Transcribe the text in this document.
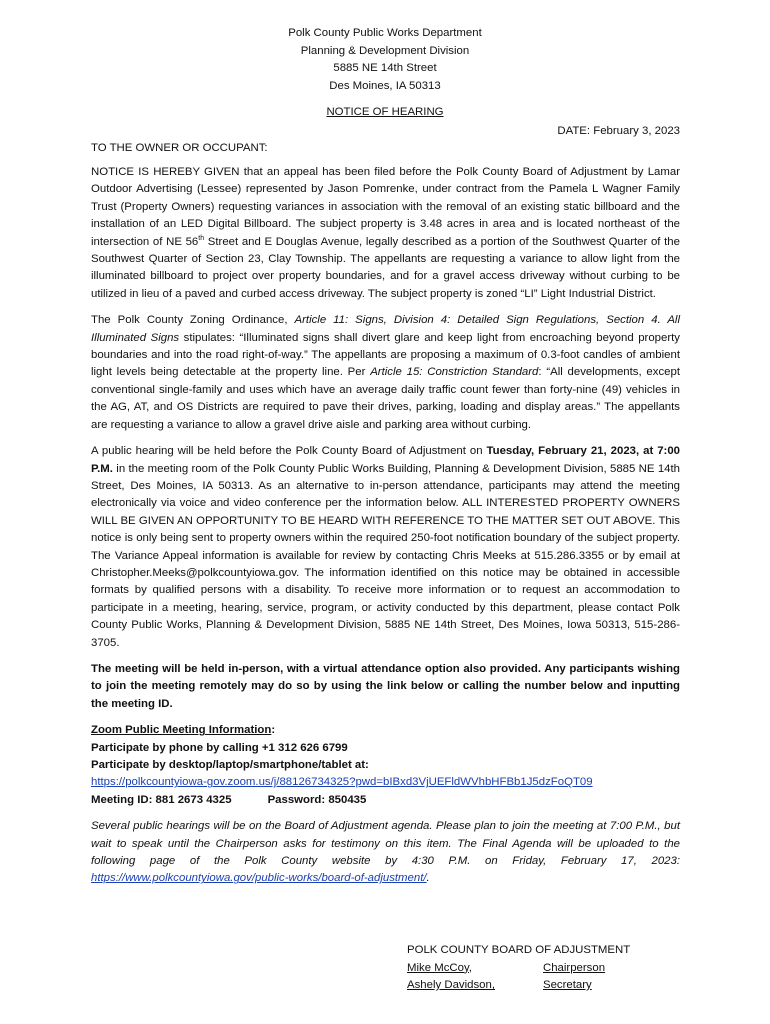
Polk County Public Works Department
Planning & Development Division
5885 NE 14th Street
Des Moines, IA 50313
NOTICE OF HEARING
DATE: February 3, 2023
TO THE OWNER OR OCCUPANT:

NOTICE IS HEREBY GIVEN that an appeal has been filed before the Polk County Board of Adjustment by Lamar Outdoor Advertising (Lessee) represented by Jason Pomrenke, under contract from the Pamela L Wagner Family Trust (Property Owners) requesting variances in association with the removal of an existing static billboard and the installation of an LED Digital Billboard. The subject property is 3.48 acres in area and is located northeast of the intersection of NE 56th Street and E Douglas Avenue, legally described as a portion of the Southwest Quarter of the Southwest Quarter of Section 23, Clay Township. The appellants are requesting a variance to allow light from the illuminated billboard to project over property boundaries, and for a gravel access driveway without curbing to be utilized in lieu of a paved and curbed access driveway. The subject property is zoned “LI” Light Industrial District.

The Polk County Zoning Ordinance, Article 11: Signs, Division 4: Detailed Sign Regulations, Section 4. All Illuminated Signs stipulates: “Illuminated signs shall divert glare and keep light from encroaching beyond property boundaries and into the road right-of-way.” The appellants are proposing a maximum of 0.3-foot candles of ambient light levels being detectable at the property line. Per Article 15: Constriction Standard: “All developments, except conventional single-family and uses which have an average daily traffic count fewer than forty-nine (49) vehicles in the AG, AT, and OS Districts are required to pave their drives, parking, loading and display areas.” The appellants are requesting a variance to allow a gravel drive aisle and parking area without curbing.

A public hearing will be held before the Polk County Board of Adjustment on Tuesday, February 21, 2023, at 7:00 P.M. in the meeting room of the Polk County Public Works Building, Planning & Development Division, 5885 NE 14th Street, Des Moines, IA 50313. As an alternative to in-person attendance, participants may attend the meeting electronically via voice and video conference per the information below. ALL INTERESTED PROPERTY OWNERS WILL BE GIVEN AN OPPORTUNITY TO BE HEARD WITH REFERENCE TO THE MATTER SET OUT ABOVE. This notice is only being sent to property owners within the required 250-foot notification boundary of the subject property. The Variance Appeal information is available for review by contacting Chris Meeks at 515.286.3355 or by email at Christopher.Meeks@polkcountyiowa.gov. The information identified on this notice may be obtained in accessible formats by qualified persons with a disability. To receive more information or to request an accommodation to participate in a meeting, hearing, service, program, or activity conducted by this department, please contact Polk County Public Works, Planning & Development Division, 5885 NE 14th Street, Des Moines, Iowa 50313, 515-286-3705.

The meeting will be held in-person, with a virtual attendance option also provided. Any participants wishing to join the meeting remotely may do so by using the link below or calling the number below and inputting the meeting ID.

Zoom Public Meeting Information:
Participate by phone by calling +1 312 626 6799
Participate by desktop/laptop/smartphone/tablet at:
https://polkcountyiowa-gov.zoom.us/j/88126734325?pwd=bIBxd3VjUEFldWVhbHFBb1J5dzFoQT09
Meeting ID: 881 2673 4325	Password: 850435

Several public hearings will be on the Board of Adjustment agenda. Please plan to join the meeting at 7:00 P.M., but wait to speak until the Chairperson asks for testimony on this item. The Final Agenda will be uploaded to the following page of the Polk County website by 4:30 P.M. on Friday, February 17, 2023: https://www.polkcountyiowa.gov/public-works/board-of-adjustment/.

POLK COUNTY BOARD OF ADJUSTMENT
Mike McCoy,	Chairperson
Ashely Davidson,	Secretary
